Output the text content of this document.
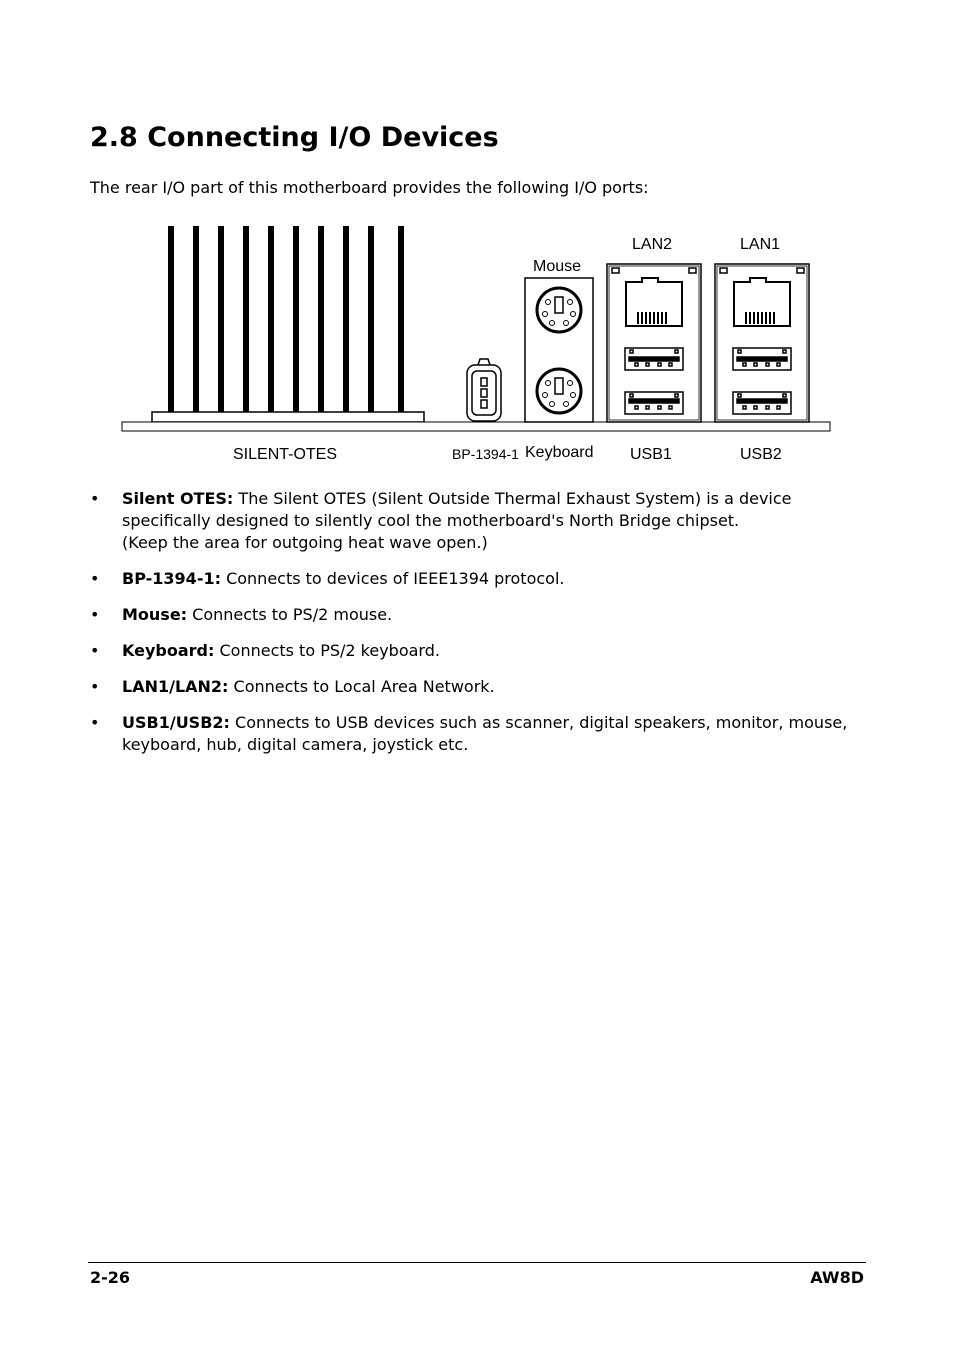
2.8 Connecting I/O Devices
The rear I/O part of this motherboard provides the following I/O ports:
LAN2	LAN1
Mouse
SILENT-OTES	BP-1394-1 Keyboard USB1	USB2
• Silent OTES: The Silent OTES (Silent Outside Thermal Exhaust System) is a device specifically designed to silently cool the motherboard's North Bridge chipset.
(Keep the area for outgoing heat wave open.)
• BP-1394-1: Connects to devices of IEEE1394 protocol.
• Mouse: Connects to PS/2 mouse.
• Keyboard: Connects to PS/2 keyboard.
• LAN1/LAN2: Connects to Local Area Network.
• USB1/USB2: Connects to USB devices such as scanner, digital speakers, monitor, mouse, keyboard, hub, digital camera, joystick etc.
2-26	AW8D
